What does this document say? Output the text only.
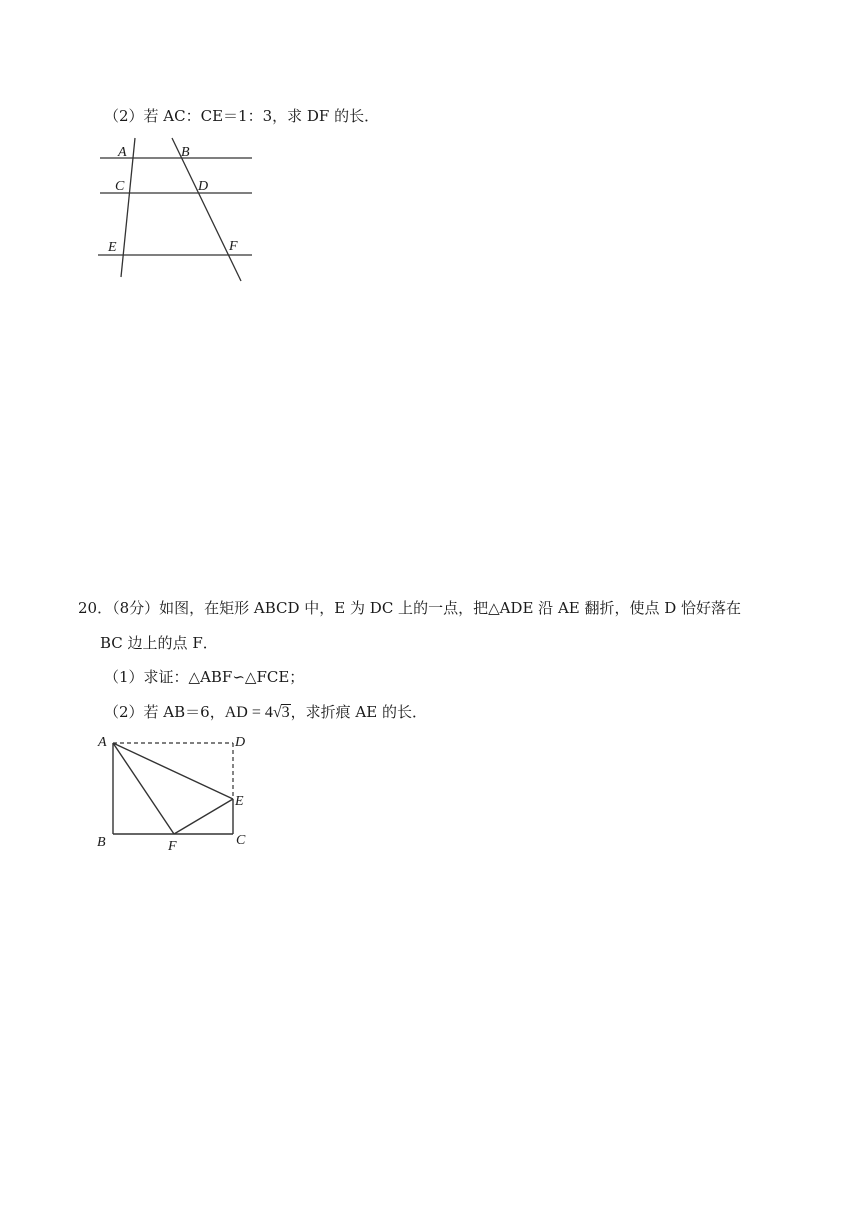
（2）若 AC：CE＝1：3，求 DF 的长．
A	B
C	D
E	F
20．（8分）如图，在矩形 ABCD 中，E 为 DC 上的一点，把△ADE 沿 AE 翻折，使点 D 恰好落在
BC 边上的点 F．
（1）求证：△ABF∽△FCE；
（2）若 AB＝6，AD = 4√3，求折痕 AE 的长．
A	D
E
C
B	F
